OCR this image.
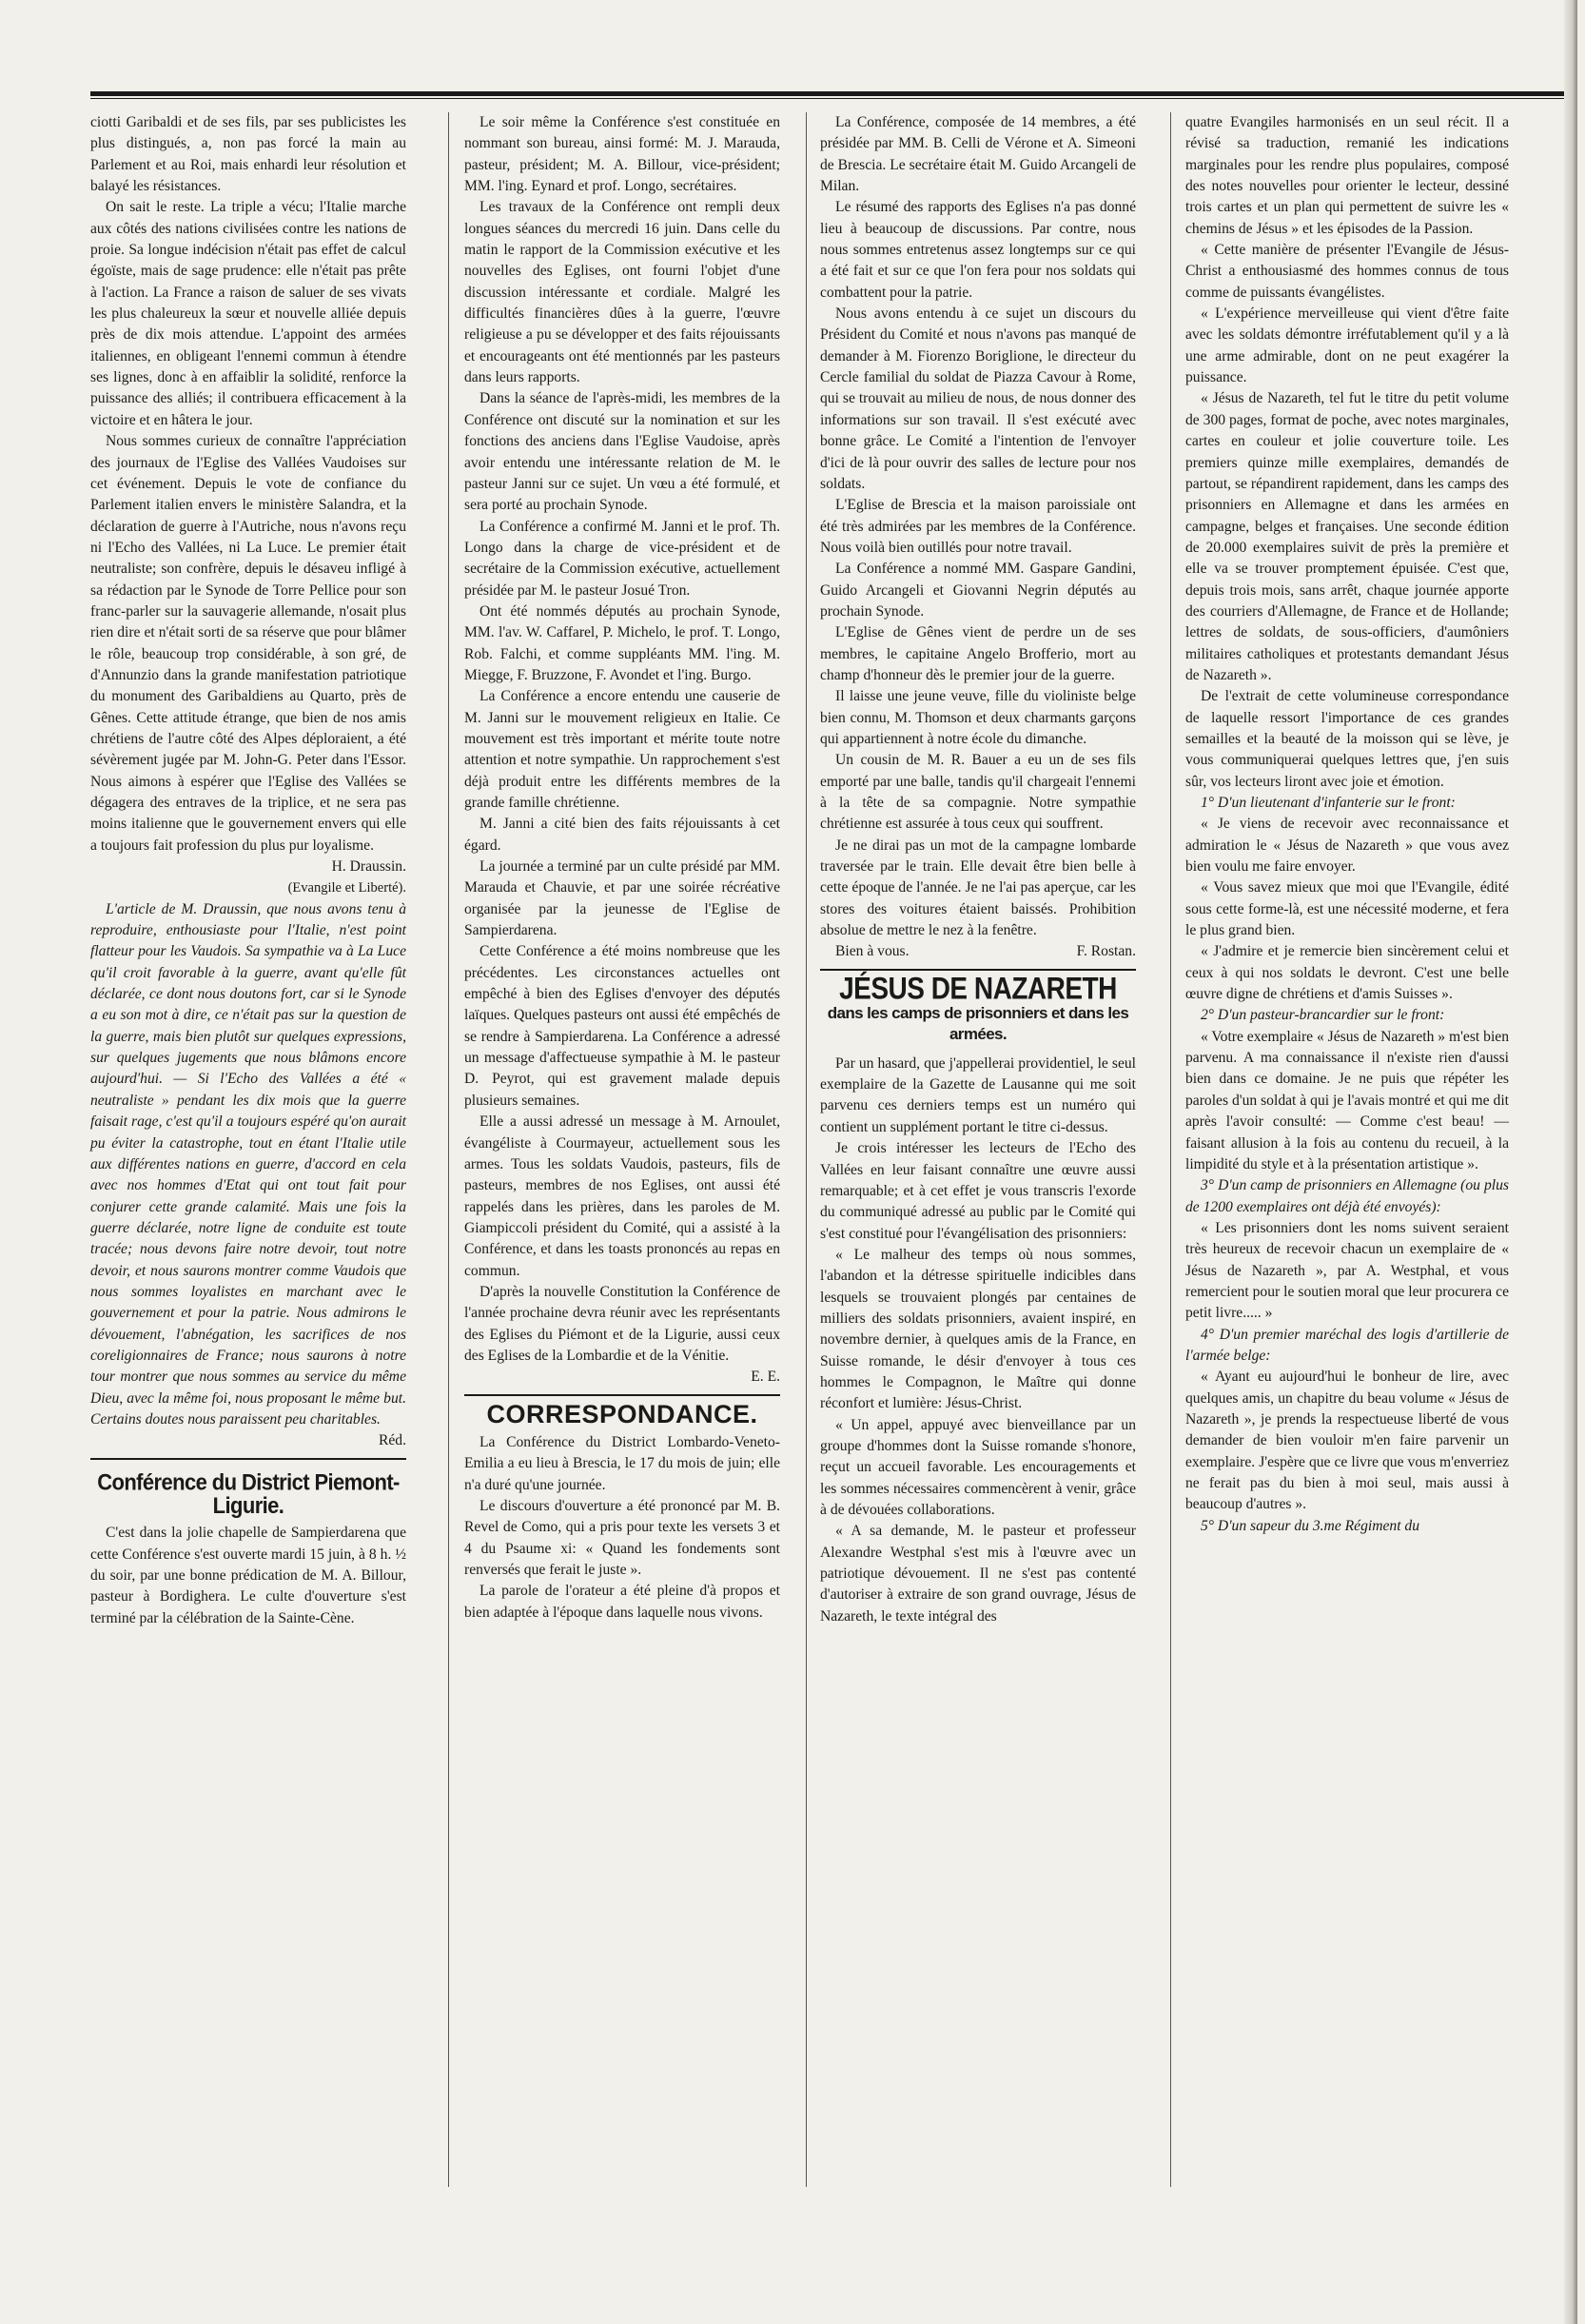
ciotti Garibaldi et de ses fils, par ses publicistes les plus distingués, a, non pas forcé la main au Parlement et au Roi, mais enhardi leur résolution et balayé les résistances.

On sait le reste. La triple a vécu; l'Italie marche aux côtés des nations civilisées contre les nations de proie. Sa longue indécision n'était pas effet de calcul égoïste, mais de sage prudence: elle n'était pas prête à l'action. La France a raison de saluer de ses vivats les plus chaleureux la sœur et nouvelle alliée depuis près de dix mois attendue. L'appoint des armées italiennes, en obligeant l'ennemi commun à étendre ses lignes, donc à en affaiblir la solidité, renforce la puissance des alliés; il contribuera efficacement à la victoire et en hâtera le jour.

Nous sommes curieux de connaître l'appréciation des journaux de l'Eglise des Vallées Vaudoises sur cet événement. Depuis le vote de confiance du Parlement italien envers le ministère Salandra, et la déclaration de guerre à l'Autriche, nous n'avons reçu ni l'Echo des Vallées, ni La Luce. Le premier était neutraliste; son confrère, depuis le désaveu infligé à sa rédaction par le Synode de Torre Pellice pour son franc-parler sur la sauvagerie allemande, n'osait plus rien dire et n'était sorti de sa réserve que pour blâmer le rôle, beaucoup trop considérable, à son gré, de d'Annunzio dans la grande manifestation patriotique du monument des Garibaldiens au Quarto, près de Gênes. Cette attitude étrange, que bien de nos amis chrétiens de l'autre côté des Alpes déploraient, a été sévèrement jugée par M. John-G. Peter dans l'Essor. Nous aimons à espérer que l'Eglise des Vallées se dégagera des entraves de la triplice, et ne sera pas moins italienne que le gouvernement envers qui elle a toujours fait profession du plus pur loyalisme.

H. Draussin.

(Evangile et Liberté).

L'article de M. Draussin, que nous avons tenu à reproduire, enthousiaste pour l'Italie, n'est point flatteur pour les Vaudois. Sa sympathie va à La Luce qu'il croit favorable à la guerre, avant qu'elle fût déclarée, ce dont nous doutons fort, car si le Synode a eu son mot à dire, ce n'était pas sur la question de la guerre, mais bien plutôt sur quelques expressions, sur quelques jugements que nous blâmons encore aujourd'hui. — Si l'Echo des Vallées a été « neutraliste » pendant les dix mois que la guerre faisait rage, c'est qu'il a toujours espéré qu'on aurait pu éviter la catastrophe, tout en étant l'Italie utile aux différentes nations en guerre, d'accord en cela avec nos hommes d'Etat qui ont tout fait pour conjurer cette grande calamité. Mais une fois la guerre déclarée, notre ligne de conduite est toute tracée; nous devons faire notre devoir, tout notre devoir, et nous saurons montrer comme Vaudois que nous sommes loyalistes en marchant avec le gouvernement et pour la patrie. Nous admirons le dévouement, l'abnégation, les sacrifices de nos coreligionnaires de France; nous saurons à notre tour montrer que nous sommes au service du même Dieu, avec la même foi, nous proposant le même but. Certains doutes nous paraissent peu charitables.

Réd.

Conférence du District Piemont-Ligurie.

C'est dans la jolie chapelle de Sampierdarena que cette Conférence s'est ouverte mardi 15 juin, à 8 h. ½ du soir, par une bonne prédication de M. A. Billour, pasteur à Bordighera. Le culte d'ouverture s'est terminé par la célébration de la Sainte-Cène.

Le soir même la Conférence s'est constituée en nommant son bureau, ainsi formé: M. J. Marauda, pasteur, président; M. A. Billour, vice-président; MM. l'ing. Eynard et prof. Longo, secrétaires.

Les travaux de la Conférence ont rempli deux longues séances du mercredi 16 juin. Dans celle du matin le rapport de la Commission exécutive et les nouvelles des Eglises, ont fourni l'objet d'une discussion intéressante et cordiale. Malgré les difficultés financières dûes à la guerre, l'œuvre religieuse a pu se développer et des faits réjouissants et encourageants ont été mentionnés par les pasteurs dans leurs rapports.

Dans la séance de l'après-midi, les membres de la Conférence ont discuté sur la nomination et sur les fonctions des anciens dans l'Eglise Vaudoise, après avoir entendu une intéressante relation de M. le pasteur Janni sur ce sujet. Un vœu a été formulé, et sera porté au prochain Synode.

La Conférence a confirmé M. Janni et le prof. Th. Longo dans la charge de vice-président et de secrétaire de la Commission exécutive, actuellement présidée par M. le pasteur Josué Tron.

Ont été nommés députés au prochain Synode, MM. l'av. W. Caffarel, P. Michelo, le prof. T. Longo, Rob. Falchi, et comme suppléants MM. l'ing. M. Miegge, F. Bruzzone, F. Avondet et l'ing. Burgo.

La Conférence a encore entendu une causerie de M. Janni sur le mouvement religieux en Italie. Ce mouvement est très important et mérite toute notre attention et notre sympathie. Un rapprochement s'est déjà produit entre les différents membres de la grande famille chrétienne.

M. Janni a cité bien des faits réjouissants à cet égard.

La journée a terminé par un culte présidé par MM. Marauda et Chauvie, et par une soirée récréative organisée par la jeunesse de l'Eglise de Sampierdarena.

Cette Conférence a été moins nombreuse que les précédentes. Les circonstances actuelles ont empêché à bien des Eglises d'envoyer des députés laïques. Quelques pasteurs ont aussi été empêchés de se rendre à Sampierdarena. La Conférence a adressé un message d'affectueuse sympathie à M. le pasteur D. Peyrot, qui est gravement malade depuis plusieurs semaines.

Elle a aussi adressé un message à M. Arnoulet, évangéliste à Courmayeur, actuellement sous les armes. Tous les soldats Vaudois, pasteurs, fils de pasteurs, membres de nos Eglises, ont aussi été rappelés dans les prières, dans les paroles de M. Giampiccoli président du Comité, qui a assisté à la Conférence, et dans les toasts prononcés au repas en commun.

D'après la nouvelle Constitution la Conférence de l'année prochaine devra réunir avec les représentants des Eglises du Piémont et de la Ligurie, aussi ceux des Eglises de la Lombardie et de la Vénitie.

E. E.

CORRESPONDANCE.

La Conférence du District Lombardo-Veneto-Emilia a eu lieu à Brescia, le 17 du mois de juin; elle n'a duré qu'une journée.

Le discours d'ouverture a été prononcé par M. B. Revel de Como, qui a pris pour texte les versets 3 et 4 du Psaume xi: « Quand les fondements sont renversés que ferait le juste ».

La parole de l'orateur a été pleine d'à propos et bien adaptée à l'époque dans laquelle nous vivons.

La Conférence, composée de 14 membres, a été présidée par MM. B. Celli de Vérone et A. Simeoni de Brescia. Le secrétaire était M. Guido Arcangeli de Milan.

Le résumé des rapports des Eglises n'a pas donné lieu à beaucoup de discussions. Par contre, nous nous sommes entretenus assez longtemps sur ce qui a été fait et sur ce que l'on fera pour nos soldats qui combattent pour la patrie.

Nous avons entendu à ce sujet un discours du Président du Comité et nous n'avons pas manqué de demander à M. Fiorenzo Boriglione, le directeur du Cercle familial du soldat de Piazza Cavour à Rome, qui se trouvait au milieu de nous, de nous donner des informations sur son travail. Il s'est exécuté avec bonne grâce. Le Comité a l'intention de l'envoyer d'ici de là pour ouvrir des salles de lecture pour nos soldats.

L'Eglise de Brescia et la maison paroissiale ont été très admirées par les membres de la Conférence. Nous voilà bien outillés pour notre travail.

La Conférence a nommé MM. Gaspare Gandini, Guido Arcangeli et Giovanni Negrin députés au prochain Synode.

L'Eglise de Gênes vient de perdre un de ses membres, le capitaine Angelo Brofferio, mort au champ d'honneur dès le premier jour de la guerre.

Il laisse une jeune veuve, fille du violiniste belge bien connu, M. Thomson et deux charmants garçons qui appartiennent à notre école du dimanche.

Un cousin de M. R. Bauer a eu un de ses fils emporté par une balle, tandis qu'il chargeait l'ennemi à la tête de sa compagnie. Notre sympathie chrétienne est assurée à tous ceux qui souffrent.

Je ne dirai pas un mot de la campagne lombarde traversée par le train. Elle devait être bien belle à cette époque de l'année. Je ne l'ai pas aperçue, car les stores des voitures étaient baissés. Prohibition absolue de mettre le nez à la fenêtre.

Bien à vous.	F. Rostan.

JÉSUS DE NAZARETH
dans les camps de prisonniers et dans les armées.

Par un hasard, que j'appellerai providentiel, le seul exemplaire de la Gazette de Lausanne qui me soit parvenu ces derniers temps est un numéro qui contient un supplément portant le titre ci-dessus.

Je crois intéresser les lecteurs de l'Echo des Vallées en leur faisant connaître une œuvre aussi remarquable; et à cet effet je vous transcris l'exorde du communiqué adressé au public par le Comité qui s'est constitué pour l'évangélisation des prisonniers:

« Le malheur des temps où nous sommes, l'abandon et la détresse spirituelle indicibles dans lesquels se trouvaient plongés par centaines de milliers des soldats prisonniers, avaient inspiré, en novembre dernier, à quelques amis de la France, en Suisse romande, le désir d'envoyer à tous ces hommes le Compagnon, le Maître qui donne réconfort et lumière: Jésus-Christ.

« Un appel, appuyé avec bienveillance par un groupe d'hommes dont la Suisse romande s'honore, reçut un accueil favorable. Les encouragements et les sommes nécessaires commencèrent à venir, grâce à de dévouées collaborations.

« A sa demande, M. le pasteur et professeur Alexandre Westphal s'est mis à l'œuvre avec un patriotique dévouement. Il ne s'est pas contenté d'autoriser à extraire de son grand ouvrage, Jésus de Nazareth, le texte intégral des

quatre Evangiles harmonisés en un seul récit. Il a révisé sa traduction, remanié les indications marginales pour les rendre plus populaires, composé des notes nouvelles pour orienter le lecteur, dessiné trois cartes et un plan qui permettent de suivre les « chemins de Jésus » et les épisodes de la Passion.

« Cette manière de présenter l'Evangile de Jésus-Christ a enthousiasmé des hommes connus de tous comme de puissants évangélistes.

« L'expérience merveilleuse qui vient d'être faite avec les soldats démontre irréfutablement qu'il y a là une arme admirable, dont on ne peut exagérer la puissance.

« Jésus de Nazareth, tel fut le titre du petit volume de 300 pages, format de poche, avec notes marginales, cartes en couleur et jolie couverture toile. Les premiers quinze mille exemplaires, demandés de partout, se répandirent rapidement, dans les camps des prisonniers en Allemagne et dans les armées en campagne, belges et françaises. Une seconde édition de 20.000 exemplaires suivit de près la première et elle va se trouver promptement épuisée. C'est que, depuis trois mois, sans arrêt, chaque journée apporte des courriers d'Allemagne, de France et de Hollande; lettres de soldats, de sous-officiers, d'aumôniers militaires catholiques et protestants demandant Jésus de Nazareth ».

De l'extrait de cette volumineuse correspondance de laquelle ressort l'importance de ces grandes semailles et la beauté de la moisson qui se lève, je vous communiquerai quelques lettres que, j'en suis sûr, vos lecteurs liront avec joie et émotion.

1° D'un lieutenant d'infanterie sur le front:

« Je viens de recevoir avec reconnaissance et admiration le « Jésus de Nazareth » que vous avez bien voulu me faire envoyer.

« Vous savez mieux que moi que l'Evangile, édité sous cette forme-là, est une nécessité moderne, et fera le plus grand bien.

« J'admire et je remercie bien sincèrement celui et ceux à qui nos soldats le devront. C'est une belle œuvre digne de chrétiens et d'amis Suisses ».

2° D'un pasteur-brancardier sur le front:

« Votre exemplaire « Jésus de Nazareth » m'est bien parvenu. A ma connaissance il n'existe rien d'aussi bien dans ce domaine. Je ne puis que répéter les paroles d'un soldat à qui je l'avais montré et qui me dit après l'avoir consulté: — Comme c'est beau! — faisant allusion à la fois au contenu du recueil, à la limpidité du style et à la présentation artistique ».

3° D'un camp de prisonniers en Allemagne (ou plus de 1200 exemplaires ont déjà été envoyés):

« Les prisonniers dont les noms suivent seraient très heureux de recevoir chacun un exemplaire de « Jésus de Nazareth », par A. Westphal, et vous remercient pour le soutien moral que leur procurera ce petit livre..... »

4° D'un premier maréchal des logis d'artillerie de l'armée belge:

« Ayant eu aujourd'hui le bonheur de lire, avec quelques amis, un chapitre du beau volume « Jésus de Nazareth », je prends la respectueuse liberté de vous demander de bien vouloir m'en faire parvenir un exemplaire. J'espère que ce livre que vous m'enverriez ne ferait pas du bien à moi seul, mais aussi à beaucoup d'autres ».

5° D'un sapeur du 3.me Régiment du
